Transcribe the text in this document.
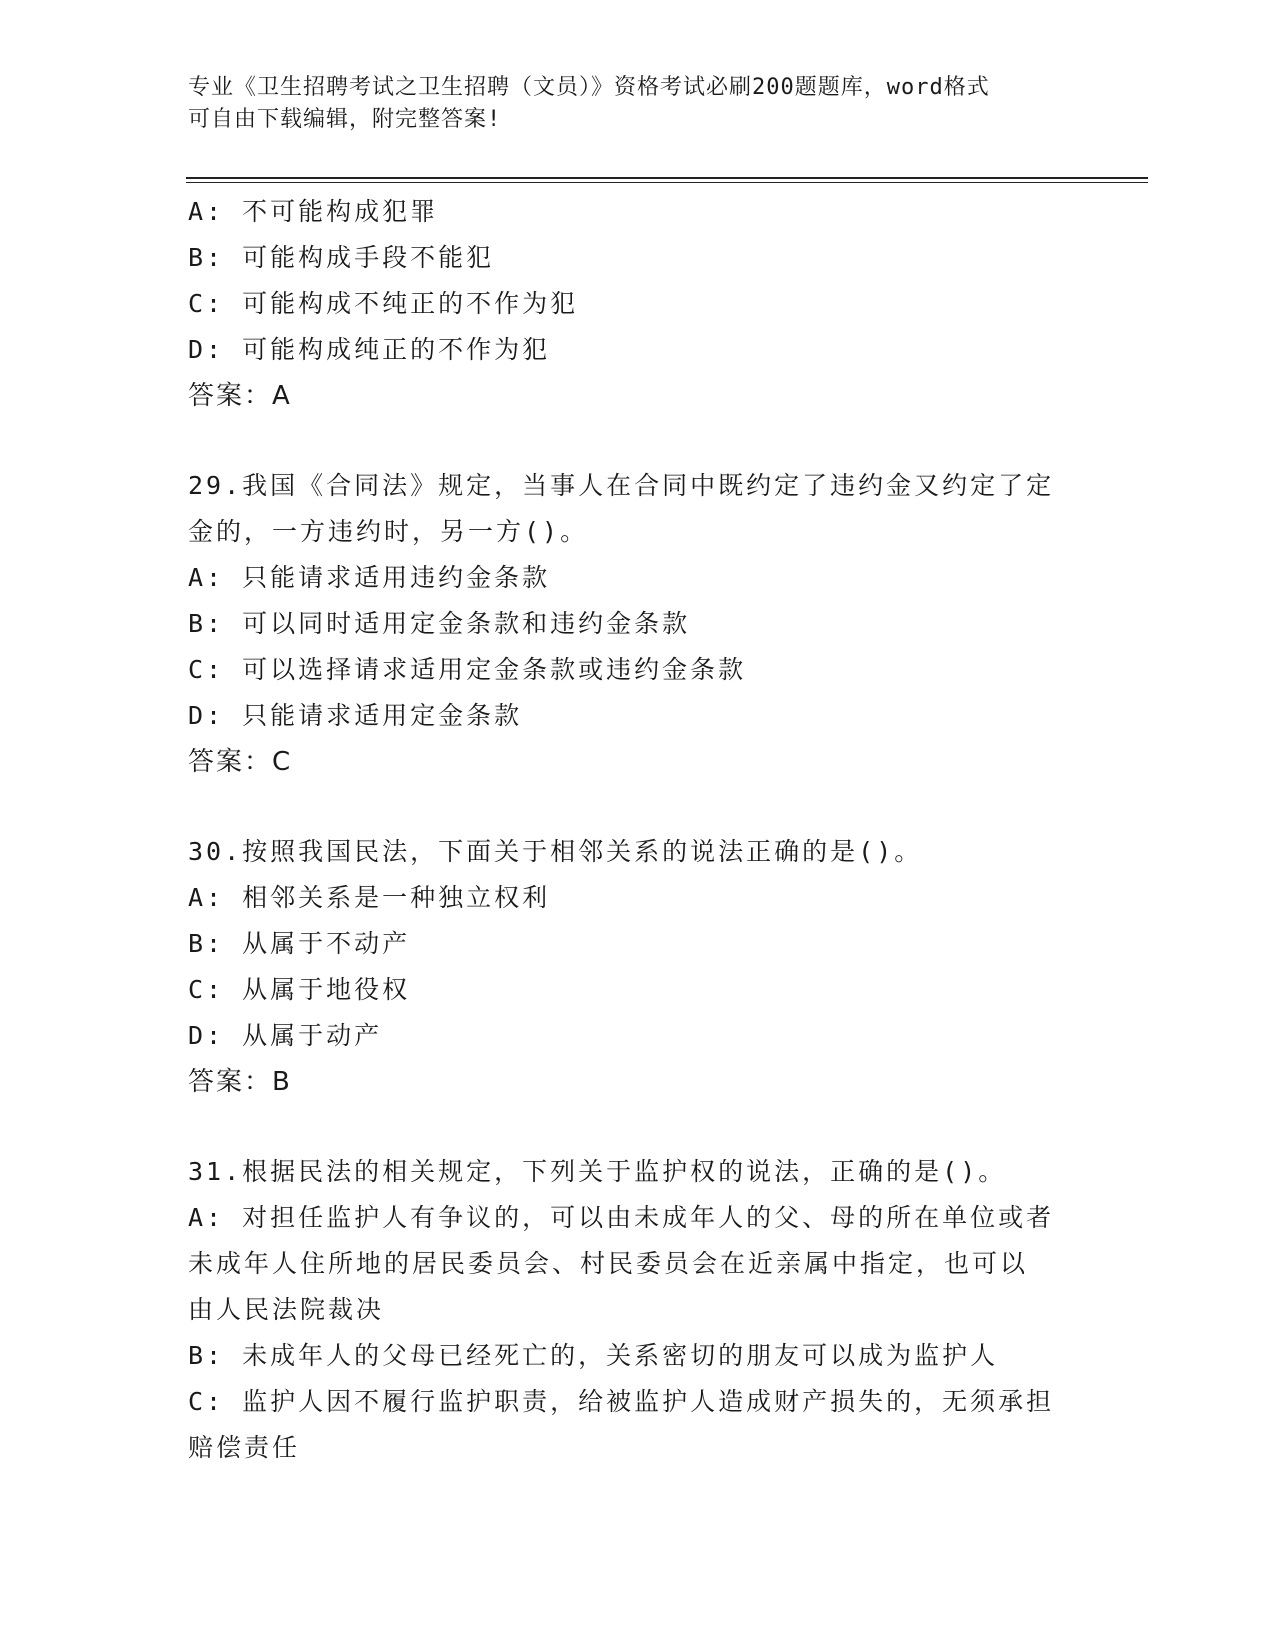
专业《卫生招聘考试之卫生招聘（文员）》资格考试必刷200题题库，word格式
可自由下载编辑，附完整答案!
A: 不可能构成犯罪
B: 可能构成手段不能犯
C: 可能构成不纯正的不作为犯
D: 可能构成纯正的不作为犯
答案：A
29.我国《合同法》规定，当事人在合同中既约定了违约金又约定了定
金的，一方违约时，另一方()。
A: 只能请求适用违约金条款
B: 可以同时适用定金条款和违约金条款
C: 可以选择请求适用定金条款或违约金条款
D: 只能请求适用定金条款
答案：C
30.按照我国民法，下面关于相邻关系的说法正确的是()。
A: 相邻关系是一种独立权利
B: 从属于不动产
C: 从属于地役权
D: 从属于动产
答案：B
31.根据民法的相关规定，下列关于监护权的说法，正确的是()。
A: 对担任监护人有争议的，可以由未成年人的父、母的所在单位或者
未成年人住所地的居民委员会、村民委员会在近亲属中指定，也可以
由人民法院裁决
B: 未成年人的父母已经死亡的，关系密切的朋友可以成为监护人
C: 监护人因不履行监护职责，给被监护人造成财产损失的，无须承担
赔偿责任
